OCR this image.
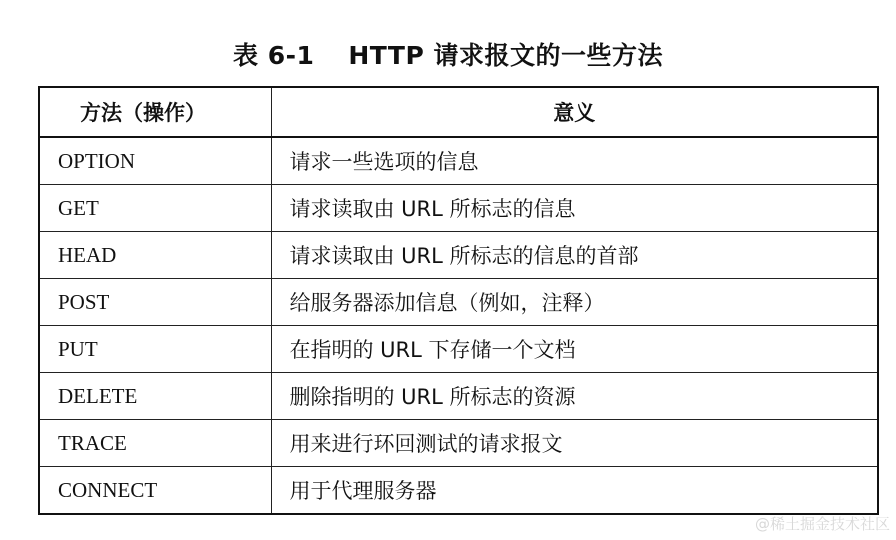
表 6-1 HTTP 请求报文的一些方法
方法（操作）	意义
OPTION	请求一些选项的信息
GET	请求读取由 URL 所标志的信息
HEAD	请求读取由 URL 所标志的信息的首部
POST	给服务器添加信息（例如，注释）
PUT	在指明的 URL 下存储一个文档
DELETE	删除指明的 URL 所标志的资源
TRACE	用来进行环回测试的请求报文
CONNECT	用于代理服务器
@稀土掘金技术社区
